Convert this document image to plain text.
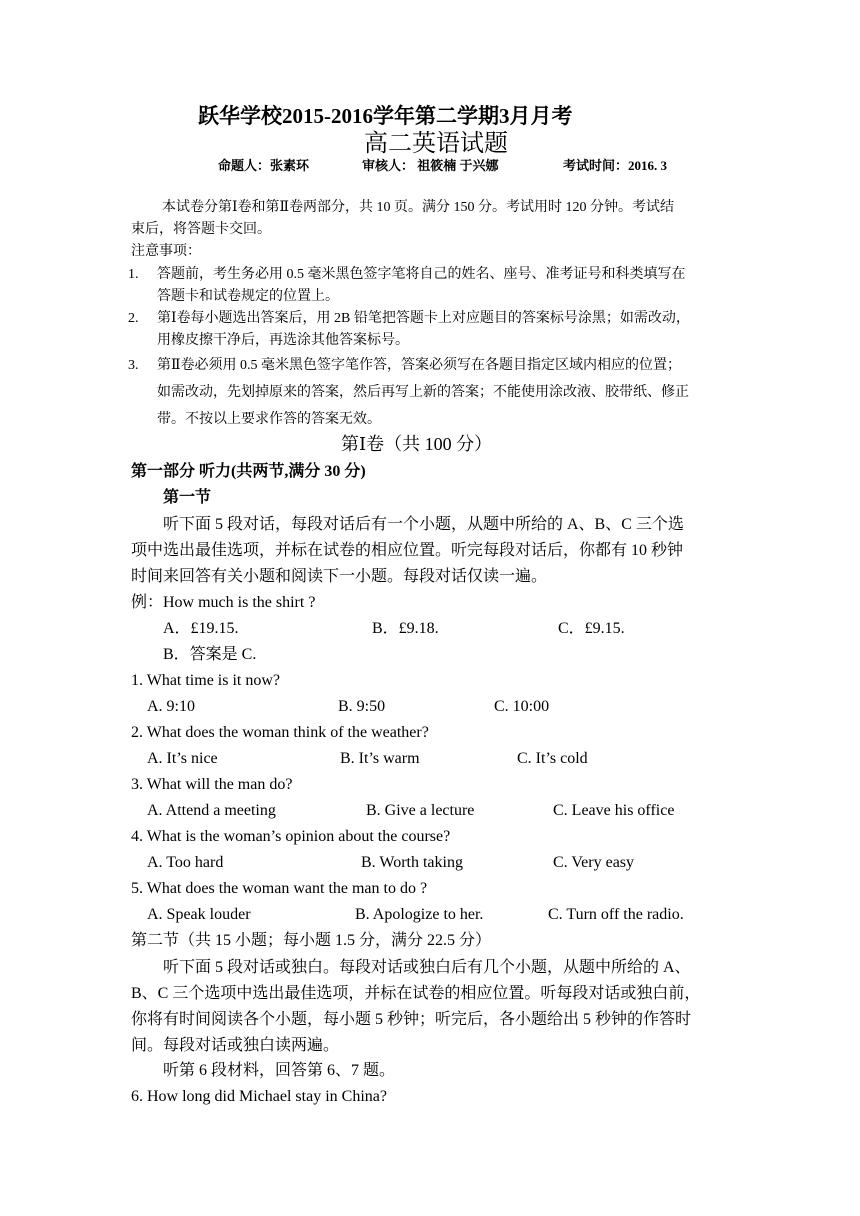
跃华学校2015-2016学年第二学期3月月考
高二英语试题
命题人：张素环	审核人： 祖筱楠 于兴娜	考试时间：2016. 3
本试卷分第Ⅰ卷和第Ⅱ卷两部分，共 10 页。满分 150 分。考试用时 120 分钟。考试结
束后，将答题卡交回。
注意事项：
1. 答题前，考生务必用 0.5 毫米黑色签字笔将自己的姓名、座号、准考证号和科类填写在
答题卡和试卷规定的位置上。
2. 第Ⅰ卷每小题选出答案后，用 2B 铅笔把答题卡上对应题目的答案标号涂黑；如需改动，
用橡皮擦干净后，再选涂其他答案标号。
3. 第Ⅱ卷必须用 0.5 毫米黑色签字笔作答，答案必须写在各题目指定区域内相应的位置；
如需改动，先划掉原来的答案，然后再写上新的答案；不能使用涂改液、胶带纸、修正
带。不按以上要求作答的答案无效。
第Ⅰ卷（共 100 分）
第一部分 听力(共两节,满分 30 分)
第一节
听下面 5 段对话，每段对话后有一个小题，从题中所给的 A、B、C 三个选
项中选出最佳选项，并标在试卷的相应位置。听完每段对话后，你都有 10 秒钟
时间来回答有关小题和阅读下一小题。每段对话仅读一遍。
例：How much is the shirt ?
A．£19.15.	B．£9.18.	C．£9.15.
B．答案是 C.
1. What time is it now?
A. 9:10	B. 9:50	C. 10:00
2. What does the woman think of the weather?
A. It’s nice	B. It’s warm	C. It’s cold
3. What will the man do?
A. Attend a meeting	B. Give a lecture	C. Leave his office
4. What is the woman’s opinion about the course?
A. Too hard	B. Worth taking	C. Very easy
5. What does the woman want the man to do ?
A. Speak louder	B. Apologize to her.	C. Turn off the radio.
第二节（共 15 小题；每小题 1.5 分，满分 22.5 分）
听下面 5 段对话或独白。每段对话或独白后有几个小题，从题中所给的 A、
B、C 三个选项中选出最佳选项，并标在试卷的相应位置。听每段对话或独白前，
你将有时间阅读各个小题，每小题 5 秒钟；听完后，各小题给出 5 秒钟的作答时
间。每段对话或独白读两遍。
听第 6 段材料，回答第 6、7 题。
6. How long did Michael stay in China?
